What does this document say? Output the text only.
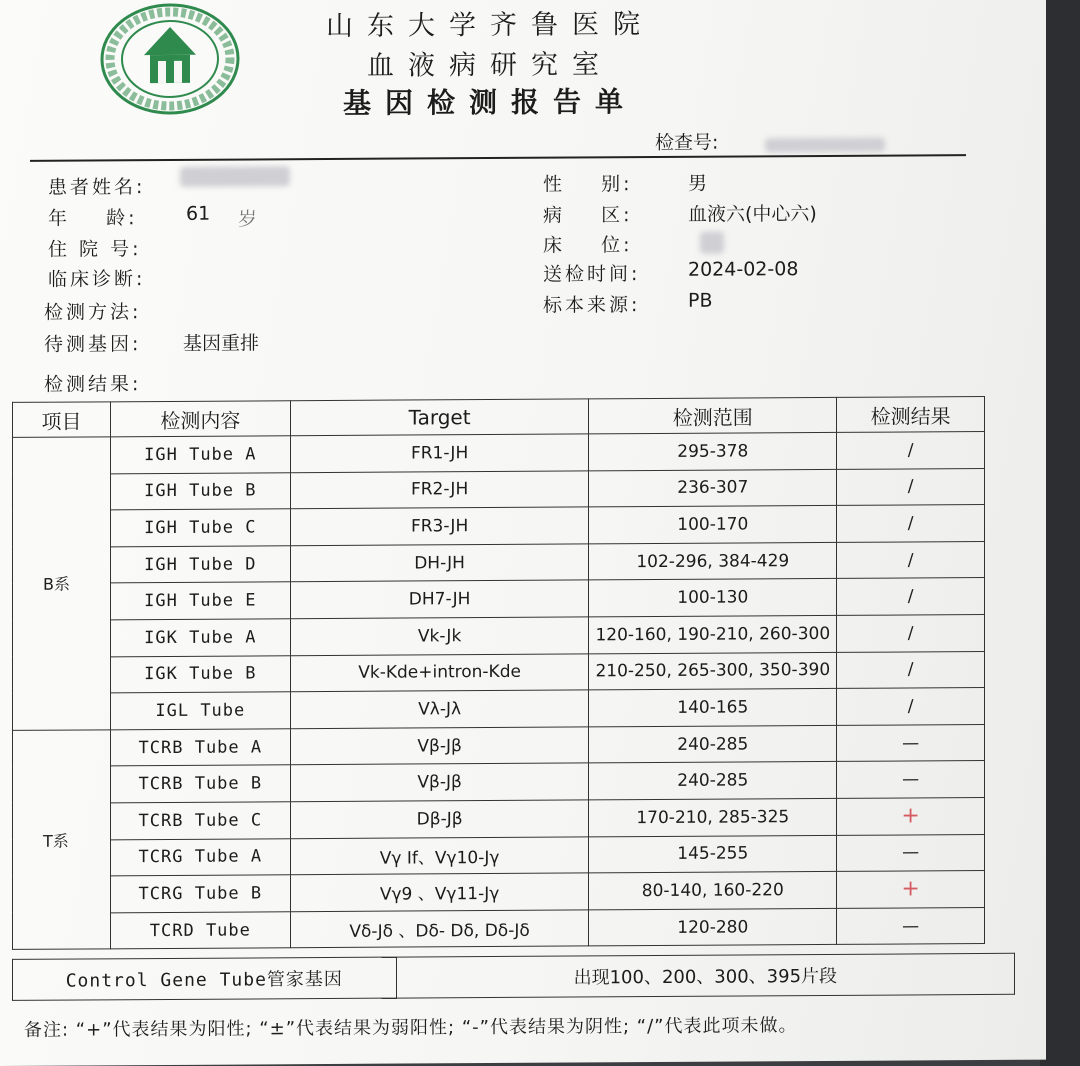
山东大学齐鲁医院
血液病研究室
基因检测报告单
检查号:
患者姓名:
年    龄:	61 岁
住 院 号:
临床诊断:
检测方法:
待测基因: 基因重排
性    别:	男
病    区:	血液六(中心六)
床    位:
送检时间:	2024-02-08
标本来源:	PB
检测结果:
项目	检测内容	Target	检测范围	检测结果
B系	IGH Tube A	FR1-JH	295-378	/
	IGH Tube B	FR2-JH	236-307	/
	IGH Tube C	FR3-JH	100-170	/
	IGH Tube D	DH-JH	102-296, 384-429	/
	IGH Tube E	DH7-JH	100-130	/
	IGK Tube A	Vk-Jk	120-160, 190-210, 260-300	/
	IGK Tube B	Vk-Kde+intron-Kde	210-250, 265-300, 350-390	/
	IGL Tube	Vλ-Jλ	140-165	/
T系	TCRB Tube A	Vβ-Jβ	240-285	—
	TCRB Tube B	Vβ-Jβ	240-285	—
	TCRB Tube C	Dβ-Jβ	170-210, 285-325	+
	TCRG Tube A	Vγ If、Vγ10-Jγ	145-255	—
	TCRG Tube B	Vγ9 、Vγ11-Jγ	80-140, 160-220	+
	TCRD Tube	Vδ-Jδ 、Dδ- Dδ, Dδ-Jδ	120-280	—
Control Gene Tube管家基因	出现100、200、300、395片段
备注: “+”代表结果为阳性; “±”代表结果为弱阳性; “-”代表结果为阴性; “/”代表此项未做。
